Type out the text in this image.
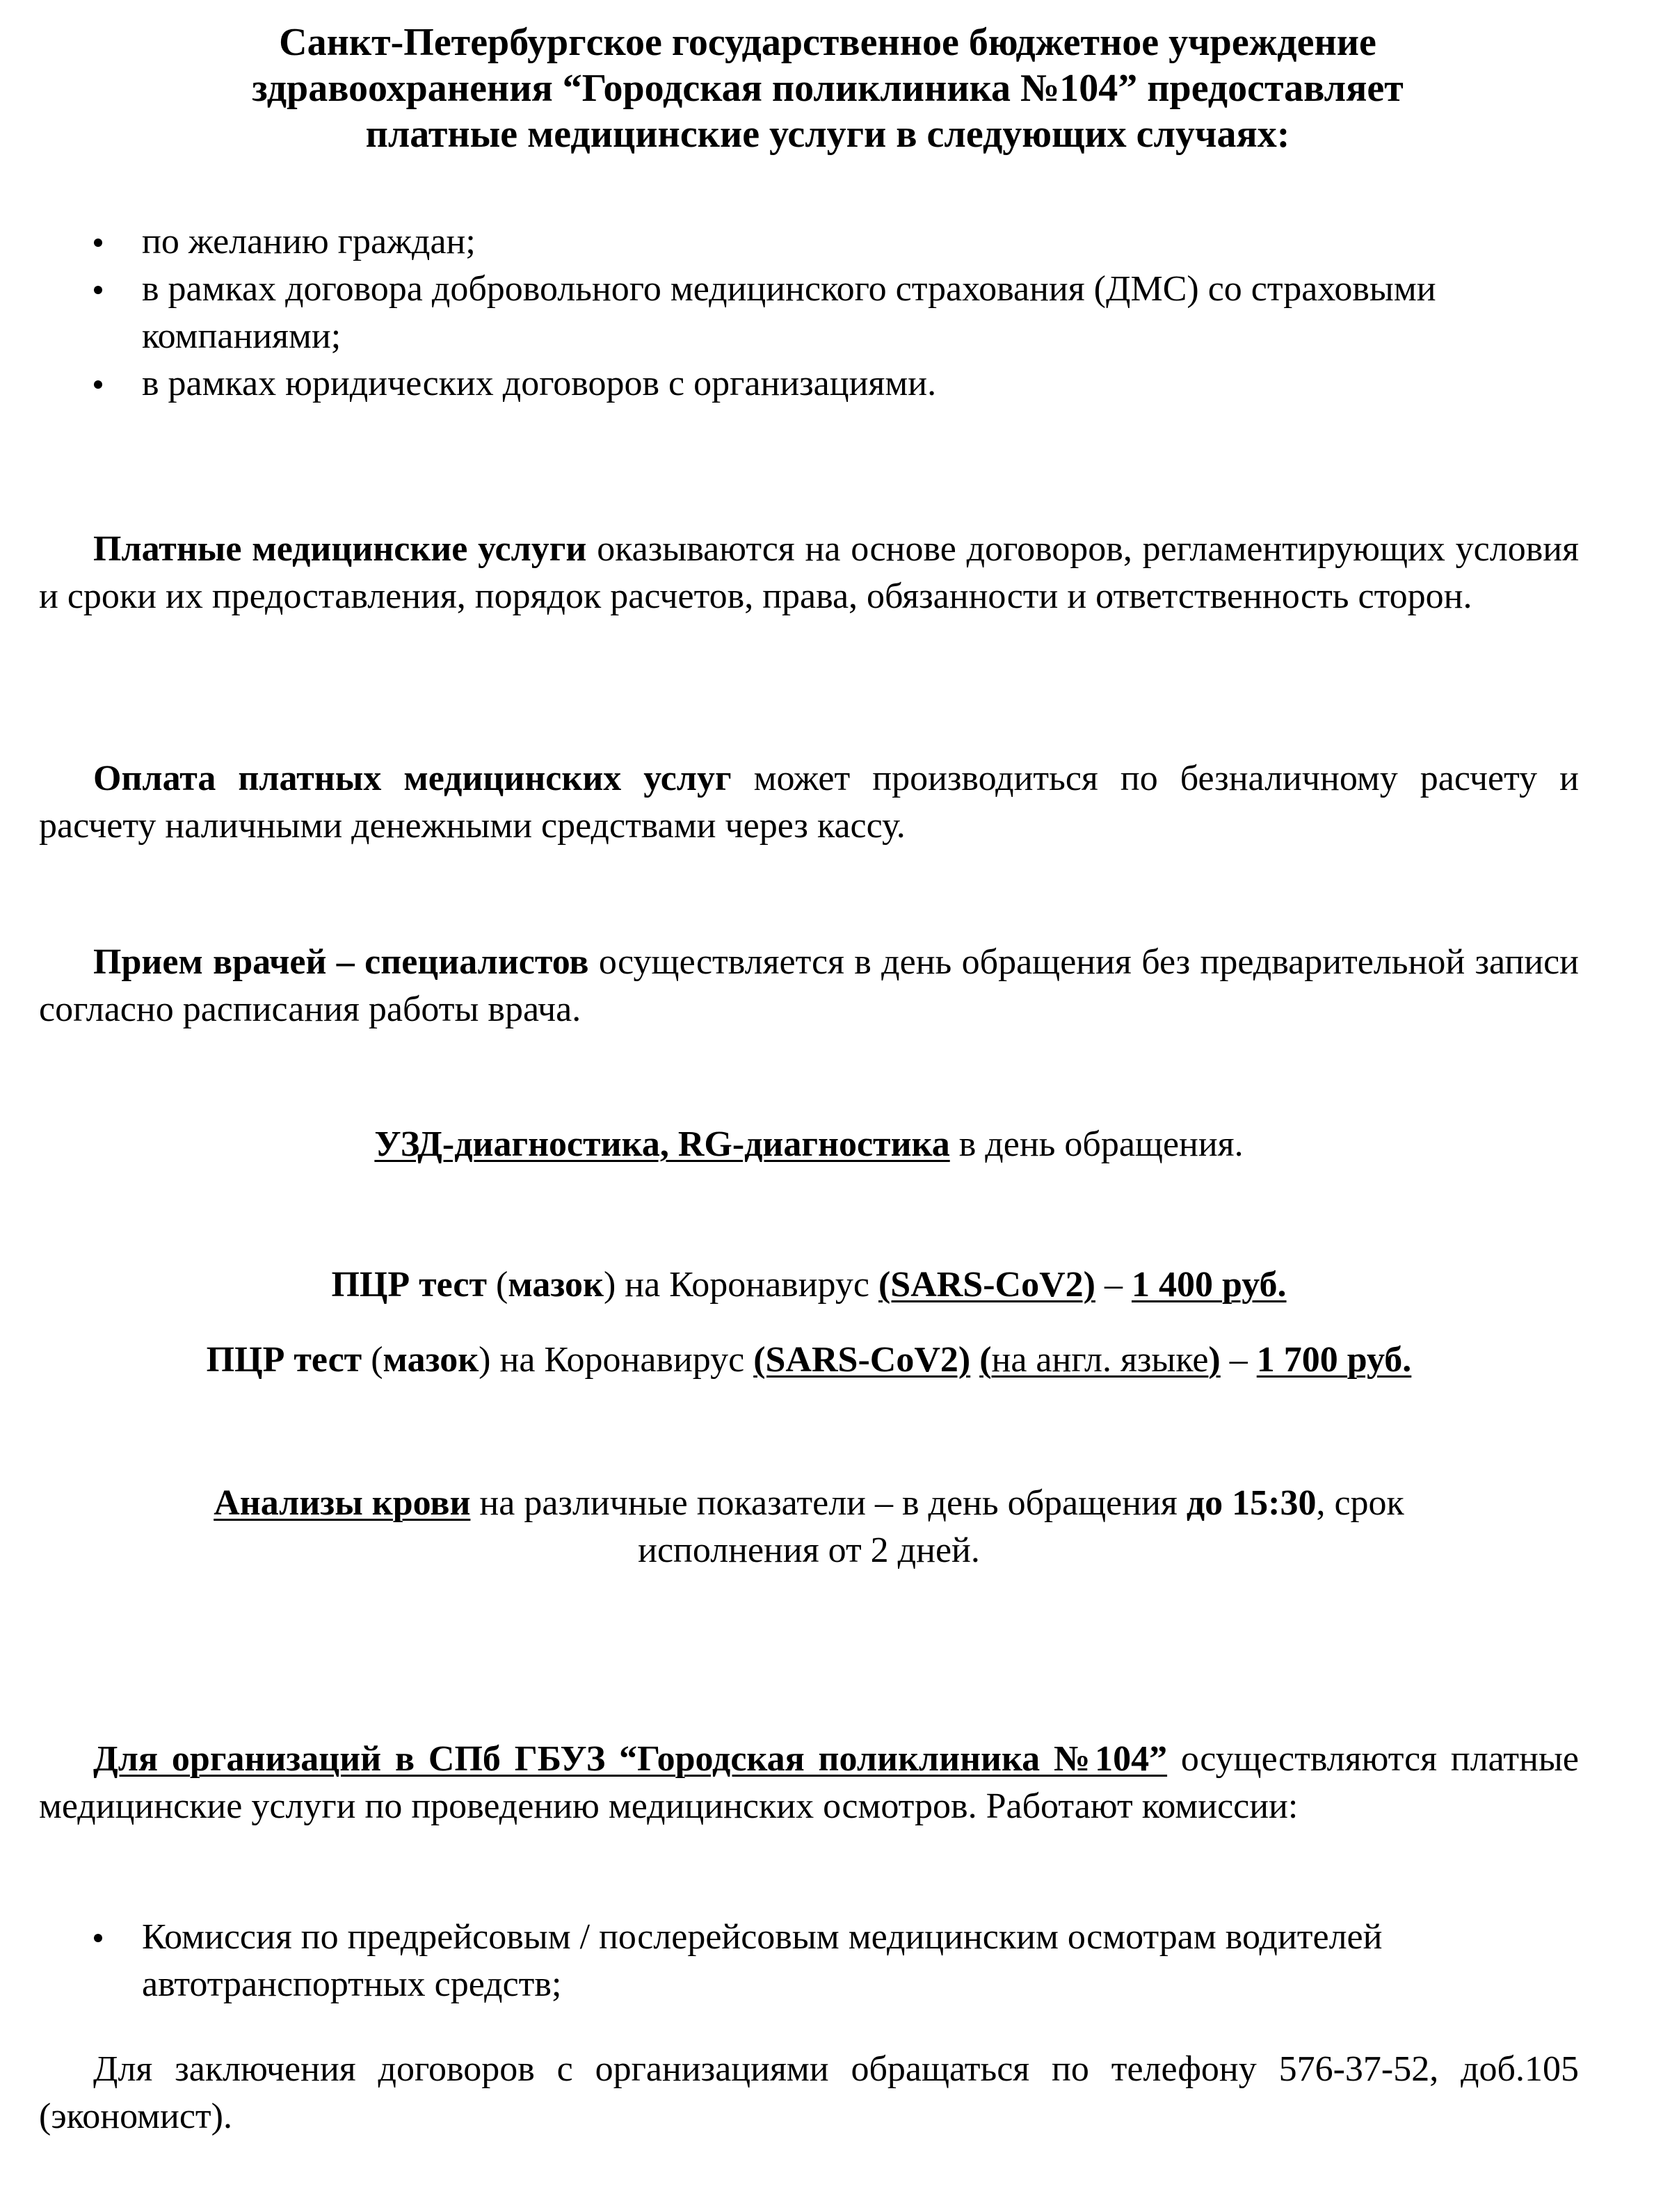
Санкт-Петербургское государственное бюджетное учреждение
здравоохранения “Городская поликлиника №104” предоставляет
платные медицинские услуги в следующих случаях:
по желанию граждан;
в рамках договора добровольного медицинского страхования (ДМС) со страховыми компаниями;
в рамках юридических договоров с организациями.
Платные медицинские услуги оказываются на основе договоров, регламентирующих условия и сроки их предоставления, порядок расчетов, права, обязанности и ответственность сторон.
Оплата платных медицинских услуг может производиться по безналичному расчету и расчету наличными денежными средствами через кассу.
Прием врачей – специалистов осуществляется в день обращения без предварительной записи согласно расписания работы врача.
УЗД-диагностика, RG-диагностика в день обращения.
ПЦР тест (мазок) на Коронавирус (SARS-CoV2) – 1 400 руб.
ПЦР тест (мазок) на Коронавирус (SARS-CoV2) (на англ. языке) – 1 700 руб.
Анализы крови на различные показатели – в день обращения до 15:30, срок
исполнения от 2 дней.
Для организаций в СПб ГБУЗ “Городская поликлиника №104” осуществляются платные медицинские услуги по проведению медицинских осмотров. Работают комиссии:
Комиссия по предрейсовым / послерейсовым медицинским осмотрам водителей автотранспортных средств;
Для заключения договоров с организациями обращаться по телефону 576-37-52, доб.105 (экономист).
